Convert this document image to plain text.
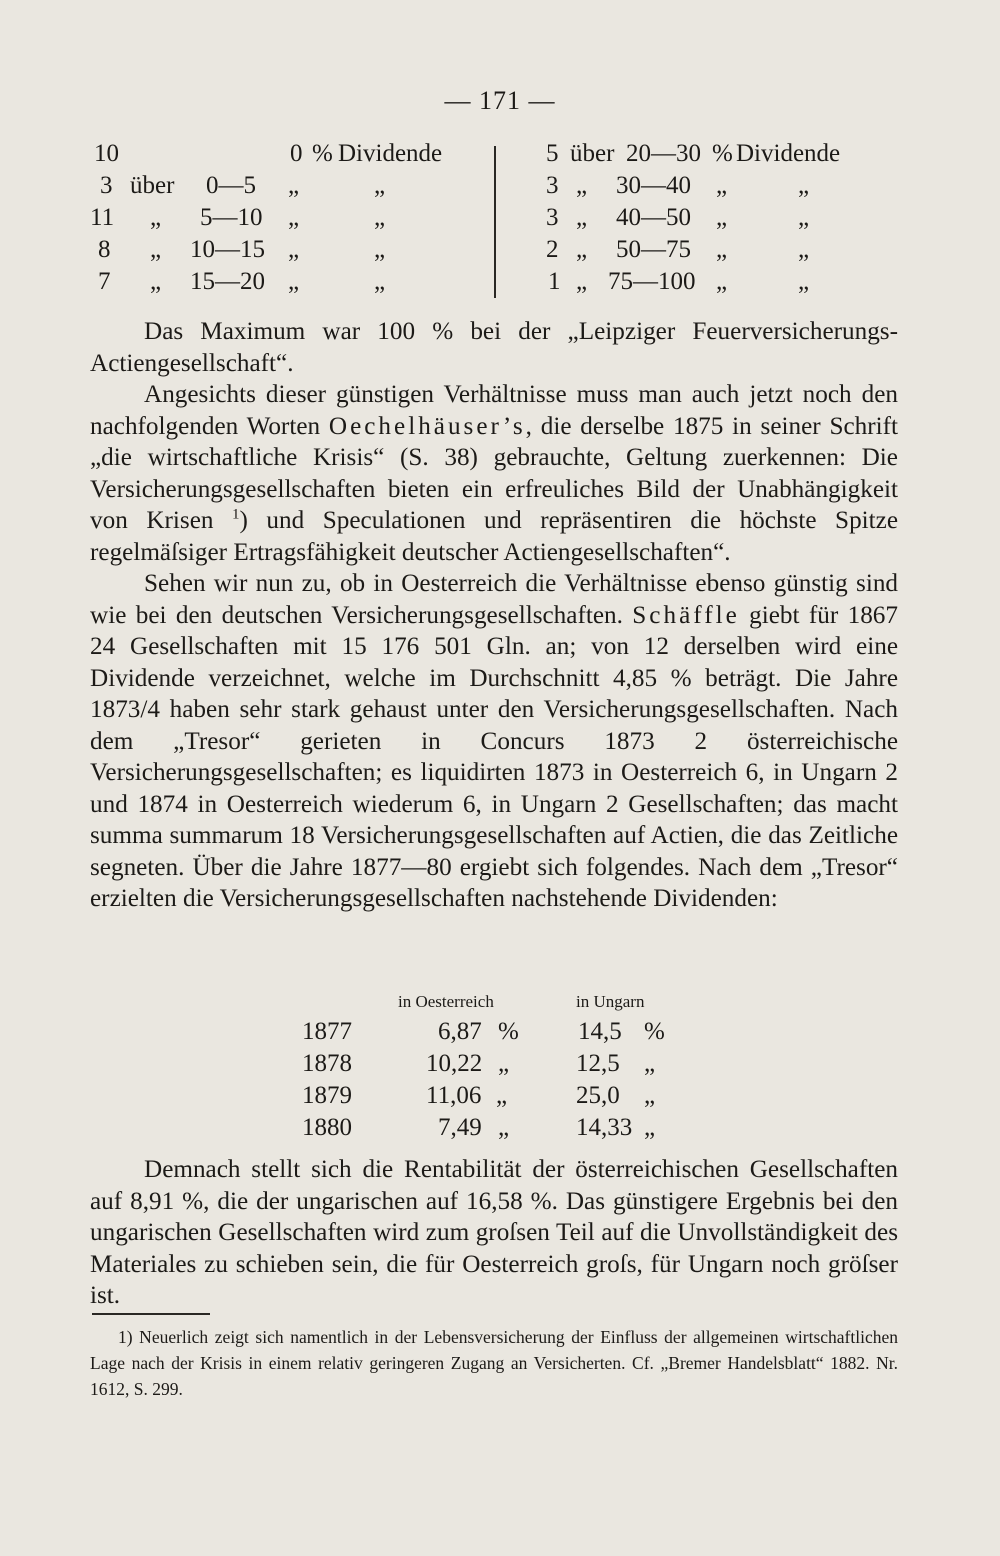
— 171 —
10	0 % Dividende
3 über 0—5 „	„
11 „ 5—10 „	„
8 „ 10—15 „	„
7 „ 15—20 „	„
5 über 20—30 % Dividende
3 „ 30—40 „	„
3 „ 40—50 „	„
2 „ 50—75 „	„
1 „ 75—100 „	„

Das Maximum war 100 % bei der „Leipziger Feuerversicherungs-Actiengesellschaft“.

Angesichts dieser günstigen Verhältnisse muss man auch jetzt noch den nachfolgenden Worten Oechelhäuser’s, die derselbe 1875 in seiner Schrift „die wirtschaftliche Krisis“ (S. 38) gebrauchte, Geltung zuerkennen: Die Versicherungsgesellschaften bieten ein erfreuliches Bild der Unabhängigkeit von Krisen $^1$) und Speculationen und repräsentiren die höchste Spitze regelmäſsiger Ertragsfähigkeit deutscher Actiengesellschaften“.

Sehen wir nun zu, ob in Oesterreich die Verhältnisse ebenso günstig sind wie bei den deutschen Versicherungsgesellschaften. Schäffle giebt für 1867 24 Gesellschaften mit 15 176 501 Gln. an; von 12 derselben wird eine Dividende verzeichnet, welche im Durchschnitt 4,85 % beträgt. Die Jahre 1873/4 haben sehr stark gehaust unter den Versicherungsgesellschaften. Nach dem „Tresor“ gerieten in Concurs 1873 2 österreichische Versicherungsgesellschaften; es liquidirten 1873 in Oesterreich 6, in Ungarn 2 und 1874 in Oesterreich wiederum 6, in Ungarn 2 Gesellschaften; das macht summa summarum 18 Versicherungsgesellschaften auf Actien, die das Zeitliche segneten. Über die Jahre 1877—80 ergiebt sich folgendes. Nach dem „Tresor“ erzielten die Versicherungsgesellschaften nachstehende Dividenden:

in Oesterreich	in Ungarn
1877	6,87 % 14,5 %
1878	10,22 „	12,5 „
1879	11,06 „	25,0 „
1880	7,49 „	14,33 „

Demnach stellt sich die Rentabilität der österreichischen Gesellschaften auf 8,91 %, die der ungarischen auf 16,58 %. Das günstigere Ergebnis bei den ungarischen Gesellschaften wird zum groſsen Teil auf die Unvollständigkeit des Materiales zu schieben sein, die für Oesterreich groſs, für Ungarn noch gröſser ist.

1) Neuerlich zeigt sich namentlich in der Lebensversicherung der Einfluss der allgemeinen wirtschaftlichen Lage nach der Krisis in einem relativ geringeren Zugang an Versicherten. Cf. „Bremer Handelsblatt“ 1882. Nr. 1612, S. 299.
